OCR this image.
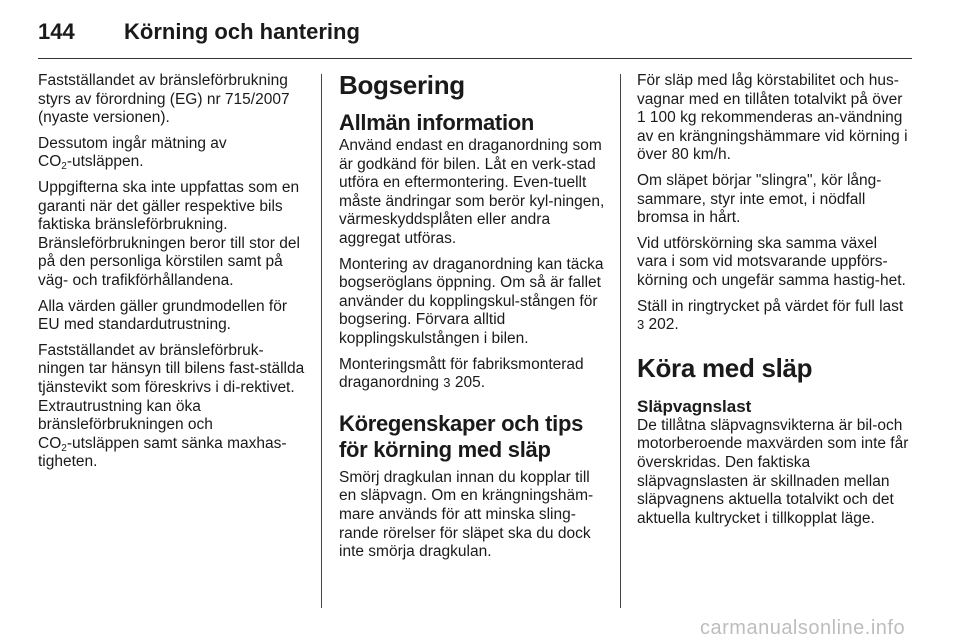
144	Körning och hantering

Fastställandet av bränsleförbrukning styrs av förordning (EG) nr 715/2007 (nyaste versionen).

Dessutom ingår mätning av
$CO_2$-utsläppen.

Uppgifterna ska inte uppfattas som en garanti när det gäller respektive bils faktiska bränsleförbrukning. Bränsleförbrukningen beror till stor del på den personliga körstilen samt på väg- och trafikförhållandena.

Alla värden gäller grundmodellen för EU med standardutrustning.

Fastställandet av bränsleförbruk-ningen tar hänsyn till bilens fast-ställda tjänstevikt som föreskrivs i di-rektivet. Extrautrustning kan öka bränsleförbrukningen och
$CO_2$-utsläppen samt sänka maxhas-tigheten.

Bogsering
Allmän information

Använd endast en draganordning som är godkänd för bilen. Låt en verk-stad utföra en eftermontering. Even-tuellt måste ändringar som berör kyl-ningen, värmeskyddsplåten eller andra aggregat utföras.

Montering av draganordning kan täcka bogseröglans öppning. Om så är fallet använder du kopplingskul-stången för bogsering. Förvara alltid kopplingskulstången i bilen.

Monteringsmått för fabriksmonterad draganordning 3 205.

Köregenskaper och tips för körning med släp

Smörj dragkulan innan du kopplar till en släpvagn. Om en krängningshäm-mare används för att minska sling-rande rörelser för släpet ska du dock inte smörja dragkulan.

För släp med låg körstabilitet och hus-vagnar med en tillåten totalvikt på över 1 100 kg rekommenderas an-vändning av en krängningshämmare vid körning i över 80 km/h.

Om släpet börjar "slingra", kör lång-sammare, styr inte emot, i nödfall bromsa in hårt.

Vid utförskörning ska samma växel vara i som vid motsvarande uppförs-körning och ungefär samma hastig-het.

Ställ in ringtrycket på värdet för full last 3 202.

Köra med släp
Släpvagnslast

De tillåtna släpvagnsvikterna är bil-och motorberoende maxvärden som inte får överskridas. Den faktiska släpvagnslasten är skillnaden mellan släpvagnens aktuella totalvikt och det aktuella kultrycket i tillkopplat läge.

carmanualsonline.info
